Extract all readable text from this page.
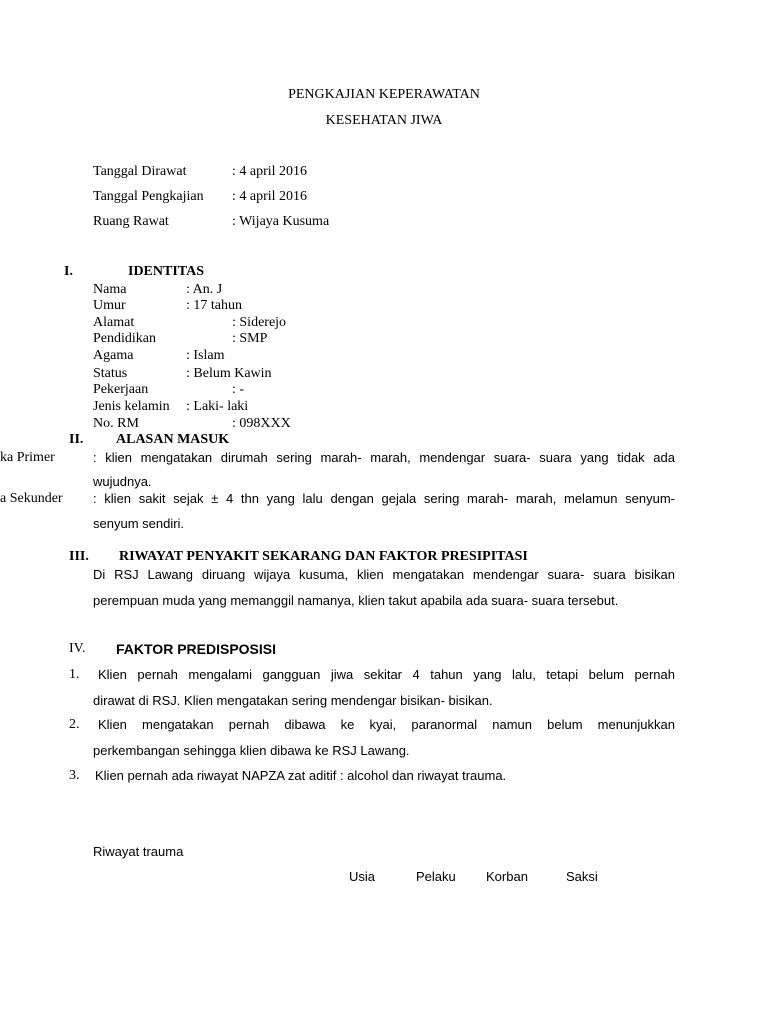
PENGKAJIAN KEPERAWATAN
KESEHATAN JIWA
Tanggal Dirawat	: 4 april 2016
Tanggal Pengkajian : 4 april 2016
Ruang Rawat	: Wijaya Kusuma
I.	IDENTITAS
Nama	: An. J
Umur	: 17 tahun
Alamat	: Siderejo
Pendidikan	: SMP
Agama	: Islam
Status	: Belum Kawin
Pekerjaan	: -
Jenis kelamin : Laki- laki
No. RM	: 098XXX
II. ALASAN MASUK
ka Primer	: klien mengatakan dirumah sering marah- marah, mendengar suara- suara yang tidak ada
wujudnya.
a Sekunder : klien sakit sejak ± 4 thn yang lalu dengan gejala sering marah- marah, melamun senyum-
senyum sendiri.
III. RIWAYAT PENYAKIT SEKARANG DAN FAKTOR PRESIPITASI
Di RSJ Lawang diruang wijaya kusuma, klien mengatakan mendengar suara- suara bisikan
perempuan muda yang memanggil namanya, klien takut apabila ada suara- suara tersebut.
IV. FAKTOR PREDISPOSISI
1. Klien pernah mengalami gangguan jiwa sekitar 4 tahun yang lalu, tetapi belum pernah
dirawat di RSJ. Klien mengatakan sering mendengar bisikan- bisikan.
2. Klien mengatakan pernah dibawa ke kyai, paranormal namun belum menunjukkan
perkembangan sehingga klien dibawa ke RSJ Lawang.
3. Klien pernah ada riwayat NAPZA zat aditif : alcohol dan riwayat trauma.
Riwayat trauma
Usia	Pelaku Korban	Saksi
